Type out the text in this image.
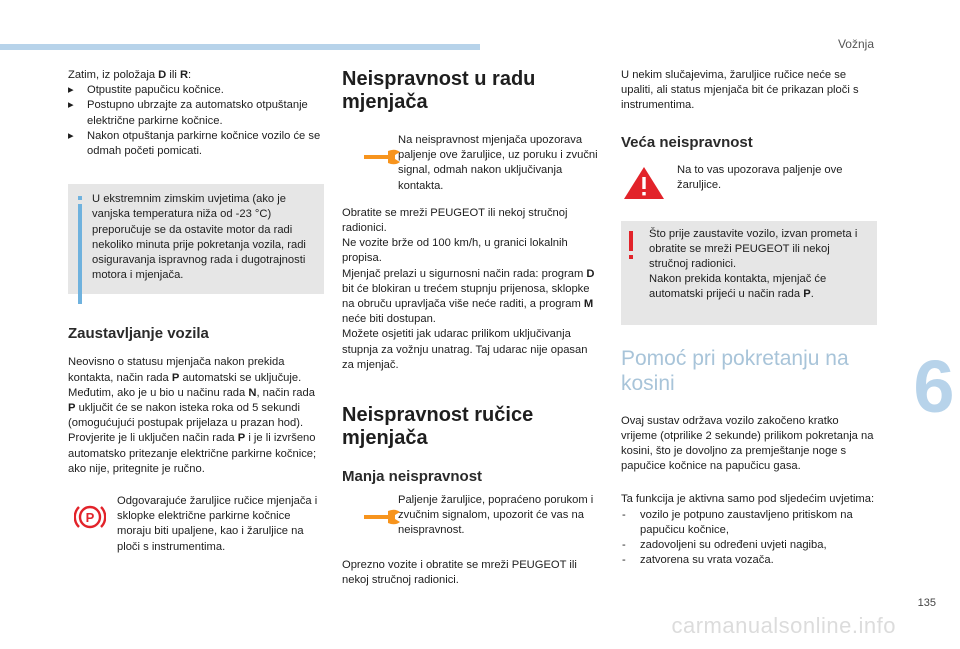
Vožnja
6
135
carmanualsonline.info

Zatim, iz položaja D ili R:

▸ Otpustite papučicu kočnice.
▸ Postupno ubrzajte za automatsko otpuštanje električne parkirne kočnice.
▸ Nakon otpuštanja parkirne kočnice vozilo će se odmah početi pomicati.

U ekstremnim zimskim uvjetima (ako je vanjska temperatura niža od -23 °C) preporučuje se da ostavite motor da radi nekoliko minuta prije pokretanja vozila, radi osiguravanja ispravnog rada i dugotrajnosti motora i mjenjača.

Zaustavljanje vozila

Neovisno o statusu mjenjača nakon prekida kontakta, način rada P automatski se uključuje.

Međutim, ako je u bio u načinu rada N, način rada P uključit će se nakon isteka roka od 5 sekundi (omogućujući postupak prijelaza u prazan hod).

Provjerite je li uključen način rada P i je li izvršeno automatsko pritezanje električne parkirne kočnice; ako nije, pritegnite je ručno.

P

Odgovarajuće žaruljice ručice mjenjača i sklopke električne parkirne kočnice moraju biti upaljene, kao i žaruljice na ploči s instrumentima.

Neispravnost u radu mjenjača

Na neispravnost mjenjača upozorava paljenje ove žaruljice, uz poruku i zvučni signal, odmah nakon uključivanja kontakta.

Obratite se mreži PEUGEOT ili nekoj stručnoj radionici.

Ne vozite brže od 100 km/h, u granici lokalnih propisa.

Mjenjač prelazi u sigurnosni način rada: program D bit će blokiran u trećem stupnju prijenosa, sklopke na obruču upravljača više neće raditi, a program M neće biti dostupan.

Možete osjetiti jak udarac prilikom uključivanja stupnja za vožnju unatrag. Taj udarac nije opasan za mjenjač.

Neispravnost ručice mjenjača
Manja neispravnost

Paljenje žaruljice, popraćeno porukom i zvučnim signalom, upozorit će vas na neispravnost.

Oprezno vozite i obratite se mreži PEUGEOT ili nekoj stručnoj radionici.

U nekim slučajevima, žaruljice ručice neće se upaliti, ali status mjenjača bit će prikazan ploči s instrumentima.

Veća neispravnost

Na to vas upozorava paljenje ove žaruljice.

Što prije zaustavite vozilo, izvan prometa i obratite se mreži PEUGEOT ili nekoj stručnoj radionici.

Nakon prekida kontakta, mjenjač će automatski prijeći u način rada P.

Pomoć pri pokretanju na kosini

Ovaj sustav održava vozilo zakočeno kratko vrijeme (otprilike 2 sekunde) prilikom pokretanja na kosini, što je dovoljno za premještanje noge s papučice kočnice na papučicu gasa.

Ta funkcija je aktivna samo pod sljedećim uvjetima:

- vozilo je potpuno zaustavljeno pritiskom na papučicu kočnice,
- zadovoljeni su određeni uvjeti nagiba,
- zatvorena su vrata vozača.
